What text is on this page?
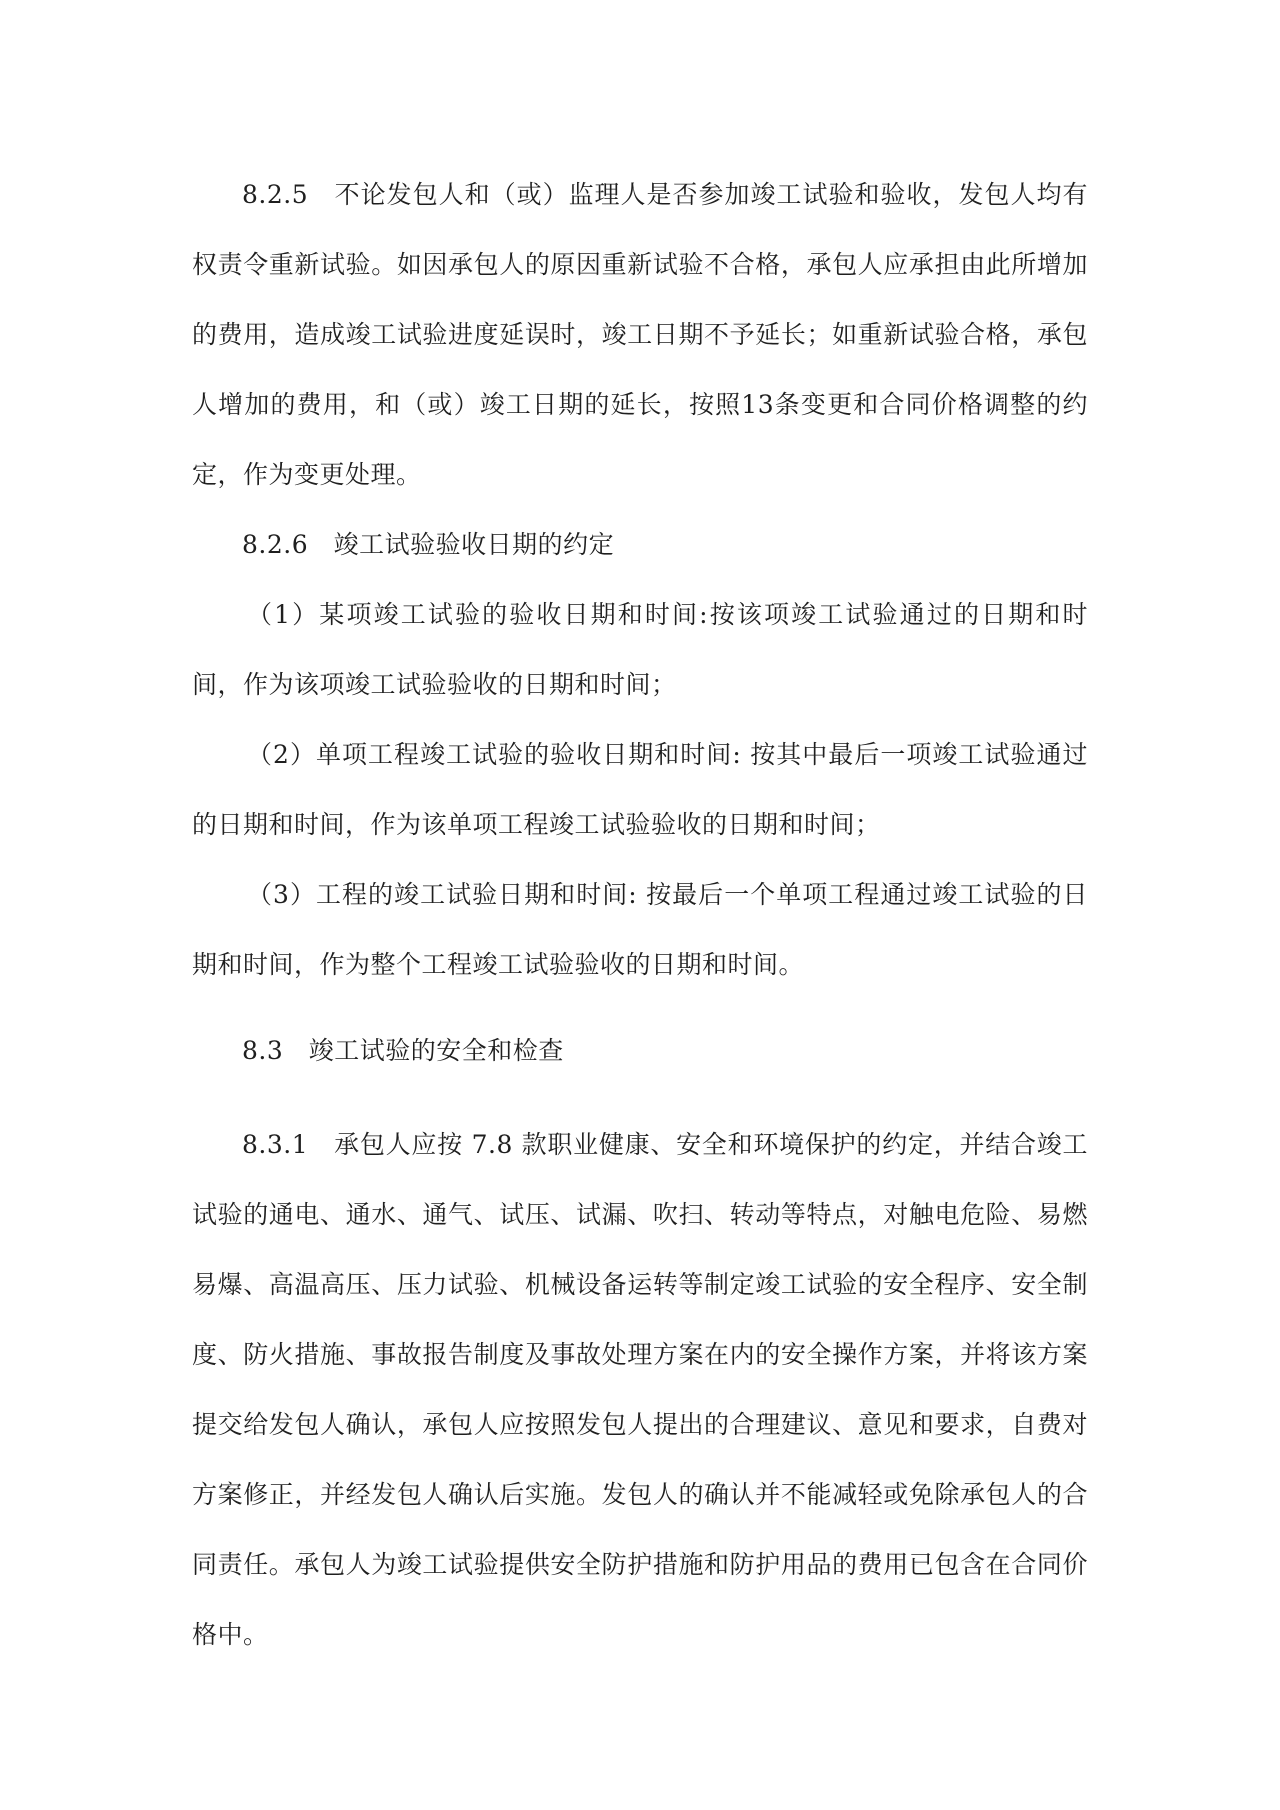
8.2.5　不论发包人和（或）监理人是否参加竣工试验和验收，发包人均有权责令重新试验。如因承包人的原因重新试验不合格，承包人应承担由此所增加的费用，造成竣工试验进度延误时，竣工日期不予延长；如重新试验合格，承包人增加的费用，和（或）竣工日期的延长，按照13条变更和合同价格调整的约定，作为变更处理。

8.2.6　竣工试验验收日期的约定

（1）某项竣工试验的验收日期和时间:按该项竣工试验通过的日期和时间，作为该项竣工试验验收的日期和时间；

（2）单项工程竣工试验的验收日期和时间: 按其中最后一项竣工试验通过的日期和时间，作为该单项工程竣工试验验收的日期和时间；

（3）工程的竣工试验日期和时间: 按最后一个单项工程通过竣工试验的日期和时间，作为整个工程竣工试验验收的日期和时间。

8.3　竣工试验的安全和检查

8.3.1　承包人应按 7.8 款职业健康、安全和环境保护的约定，并结合竣工试验的通电、通水、通气、试压、试漏、吹扫、转动等特点，对触电危险、易燃易爆、高温高压、压力试验、机械设备运转等制定竣工试验的安全程序、安全制度、防火措施、事故报告制度及事故处理方案在内的安全操作方案，并将该方案提交给发包人确认，承包人应按照发包人提出的合理建议、意见和要求，自费对方案修正，并经发包人确认后实施。发包人的确认并不能减轻或免除承包人的合同责任。承包人为竣工试验提供安全防护措施和防护用品的费用已包含在合同价格中。
